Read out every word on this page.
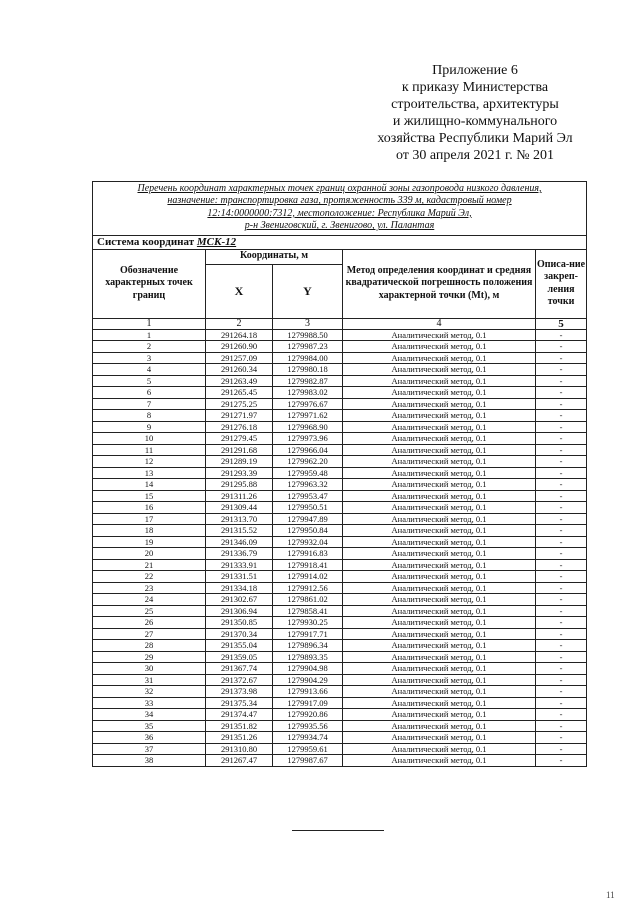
Приложение 6
к приказу Министерства
строительства, архитектуры
и жилищно-коммунального
хозяйства Республики Марий Эл
от 30 апреля 2021 г. № 201
Перечень координат характерных точек границ охранной зоны газопровода низкого давления,
назначение: транспортировка газа, протяженность 339 м, кадастровый номер
12:14:0000000:7312, местоположение: Республика Марий Эл,
р-н Звениговский, г. Звенигово, ул. Палантая				

Система координат МСК-12				
Обозначение характерных точек границ	Координаты, м		Метод определения координат и средняя квадратической погрешность положения характерной точки (Mt), м	Описа-ние закреп-ления точки
	X	Y		
1	2	3	4	5
1	291264.18	1279988.50	Аналитический метод, 0.1	-
2	291260.90	1279987.23	Аналитический метод, 0.1	-
3	291257.09	1279984.00	Аналитический метод, 0.1	-
4	291260.34	1279980.18	Аналитический метод, 0.1	-
5	291263.49	1279982.87	Аналитический метод, 0.1	-
6	291265.45	1279983.02	Аналитический метод, 0.1	-
7	291275.25	1279976.67	Аналитический метод, 0.1	-
8	291271.97	1279971.62	Аналитический метод, 0.1	-
9	291276.18	1279968.90	Аналитический метод, 0.1	-
10	291279.45	1279973.96	Аналитический метод, 0.1	-
11	291291.68	1279966.04	Аналитический метод, 0.1	-
12	291289.19	1279962.20	Аналитический метод, 0.1	-
13	291293.39	1279959.48	Аналитический метод, 0.1	-
14	291295.88	1279963.32	Аналитический метод, 0.1	-
15	291311.26	1279953.47	Аналитический метод, 0.1	-
16	291309.44	1279950.51	Аналитический метод, 0.1	-
17	291313.70	1279947.89	Аналитический метод, 0.1	-
18	291315.52	1279950.84	Аналитический метод, 0.1	-
19	291346.09	1279932.04	Аналитический метод, 0.1	-
20	291336.79	1279916.83	Аналитический метод, 0.1	-
21	291333.91	1279918.41	Аналитический метод, 0.1	-
22	291331.51	1279914.02	Аналитический метод, 0.1	-
23	291334.18	1279912.56	Аналитический метод, 0.1	-
24	291302.67	1279861.02	Аналитический метод, 0.1	-
25	291306.94	1279858.41	Аналитический метод, 0.1	-
26	291350.85	1279930.25	Аналитический метод, 0.1	-
27	291370.34	1279917.71	Аналитический метод, 0.1	-
28	291355.04	1279896.34	Аналитический метод, 0.1	-
29	291359.05	1279893.35	Аналитический метод, 0.1	-
30	291367.74	1279904.98	Аналитический метод, 0.1	-
31	291372.67	1279904.29	Аналитический метод, 0.1	-
32	291373.98	1279913.66	Аналитический метод, 0.1	-
33	291375.34	1279917.09	Аналитический метод, 0.1	-
34	291374.47	1279920.86	Аналитический метод, 0.1	-
35	291351.82	1279935.56	Аналитический метод, 0.1	-
36	291351.26	1279934.74	Аналитический метод, 0.1	-
37	291310.80	1279959.61	Аналитический метод, 0.1	-
38	291267.47	1279987.67	Аналитический метод, 0.1	-
11
